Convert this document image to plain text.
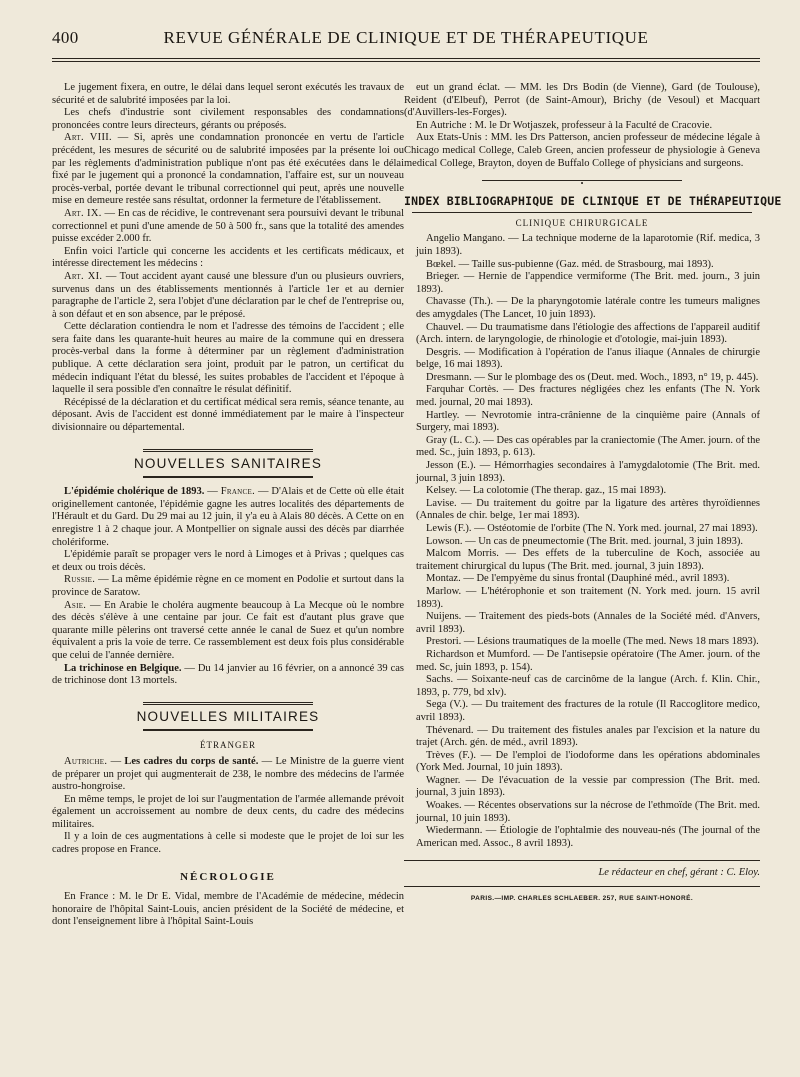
400	REVUE GÉNÉRALE DE CLINIQUE ET DE THÉRAPEUTIQUE

Le jugement fixera, en outre, le délai dans lequel seront exécutés les travaux de sécurité et de salubrité imposées par la loi.

Les chefs d'industrie sont civilement responsables des condamnations prononcées contre leurs directeurs, gérants ou préposés.

Art. VIII. — Si, après une condamnation prononcée en vertu de l'article précédent, les mesures de sécurité ou de salubrité imposées par la présente loi ou par les règlements d'administration publique n'ont pas été exécutées dans le délai fixé par le jugement qui a prononcé la condamnation, l'affaire est, sur un nouveau procès-verbal, portée devant le tribunal correctionnel qui peut, après une nouvelle mise en demeure restée sans résultat, ordonner la fermeture de l'établissement.

Art. IX. — En cas de récidive, le contrevenant sera poursuivi devant le tribunal correctionnel et puni d'une amende de 50 à 500 fr., sans que la totalité des amendes puisse excéder 2.000 fr.

Enfin voici l'article qui concerne les accidents et les certificats médicaux, et intéresse directement les médecins :

Art. XI. — Tout accident ayant causé une blessure d'un ou plusieurs ouvriers, survenus dans un des établissements mentionnés à l'article 1er et au dernier paragraphe de l'article 2, sera l'objet d'une déclaration par le chef de l'entreprise ou, à son défaut et en son absence, par le préposé.

Cette déclaration contiendra le nom et l'adresse des témoins de l'accident ; elle sera faite dans les quarante-huit heures au maire de la commune qui en dressera procès-verbal dans la forme à déterminer par un règlement d'administration publique. A cette déclaration sera joint, produit par le patron, un certificat du médecin indiquant l'état du blessé, les suites probables de l'accident et l'époque à laquelle il sera possible d'en connaître le résulat définitif.

Récépissé de la déclaration et du certificat médical sera remis, séance tenante, au déposant. Avis de l'accident est donné immédiatement par le maire à l'inspecteur divisionnaire ou départemental.

NOUVELLES SANITAIRES

L'épidémie cholérique de 1893. — France. — D'Alais et de Cette où elle était originellement cantonée, l'épidémie gagne les autres localités des départements de l'Hérault et du Gard. Du 29 mai au 12 juin, il y'a eu à Alais 80 décès. A Cette on en enregistre 1 à 2 chaque jour. A Montpellier on signale aussi des décès par diarrhée cholériforme.

L'épidémie paraît se propager vers le nord à Limoges et à Privas ; quelques cas et deux ou trois décès.

Russie. — La même épidémie règne en ce moment en Podolie et surtout dans la province de Saratow.

Asie. — En Arabie le choléra augmente beaucoup à La Mecque où le nombre des décès s'élève à une centaine par jour. Ce fait est d'autant plus grave que quarante mille pèlerins ont traversé cette année le canal de Suez et qu'un nombre équivalent a pris la voie de terre. Ce rassemblement est deux fois plus considérable que celui de l'année dernière.

La trichinose en Belgique. — Du 14 janvier au 16 février, on a annoncé 39 cas de trichinose dont 13 mortels.

NOUVELLES MILITAIRES
ÉTRANGER

Autriche. — Les cadres du corps de santé. — Le Ministre de la guerre vient de préparer un projet qui augmenterait de 238, le nombre des médecins de l'armée austro-hongroise.

En même temps, le projet de loi sur l'augmentation de l'armée allemande prévoit également un accroissement au nombre de deux cents, du cadre des médecins militaires.

Il y a loin de ces augmentations à celle si modeste que le projet de loi sur les cadres propose en France.

NÉCROLOGIE

En France : M. le Dr E. Vidal, membre de l'Académie de médecine, médecin honoraire de l'hôpital Saint-Louis, ancien président de la Société de médecine, et dont l'enseignement libre à l'hôpital Saint-Louis

eut un grand éclat. — MM. les Drs Bodin (de Vienne), Gard (de Toulouse), Reident (d'Elbeuf), Perrot (de Saint-Amour), Brichy (de Vesoul) et Macquart (d'Auvillers-les-Forges).

En Autriche : M. le Dr Wotjaszek, professeur à la Faculté de Cracovie.

Aux Etats-Unis : MM. les Drs Patterson, ancien professeur de médecine légale à Chicago medical College, Caleb Green, ancien professeur de physiologie à Geneva medical College, Brayton, doyen de Buffalo College of physicians and surgeons.

•
INDEX BIBLIOGRAPHIQUE DE CLINIQUE ET DE THÉRAPEUTIQUE
CLINIQUE CHIRURGICALE

Angelio Mangano. — La technique moderne de la laparotomie (Rif. medica, 3 juin 1893).

Bœkel. — Taille sus-pubienne (Gaz. méd. de Strasbourg, mai 1893).

Brieger. — Hernie de l'appendice vermiforme (The Brit. med. journ., 3 juin 1893).

Chavasse (Th.). — De la pharyngotomie latérale contre les tumeurs malignes des amygdales (The Lancet, 10 juin 1893).

Chauvel. — Du traumatisme dans l'étiologie des affections de l'appareil auditif (Arch. intern. de laryngologie, de rhinologie et d'otologie, mai-juin 1893).

Desgris. — Modification à l'opération de l'anus iliaque (Annales de chirurgie belge, 16 mai 1893).

Dresmann. — Sur le plombage des os (Deut. med. Woch., 1893, n° 19, p. 445).

Farquhar Cortès. — Des fractures négligées chez les enfants (The N. York med. journal, 20 mai 1893).

Hartley. — Nevrotomie intra-crânienne de la cinquième paire (Annals of Surgery, mai 1893).

Gray (L. C.). — Des cas opérables par la craniectomie (The Amer. journ. of the med. Sc., juin 1893, p. 613).

Jesson (E.). — Hémorrhagies secondaires à l'amygdalotomie (The Brit. med. journal, 3 juin 1893).

Kelsey. — La colotomie (The therap. gaz., 15 mai 1893).

Lavise. — Du traitement du goitre par la ligature des artères thyroïdiennes (Annales de chir. belge, 1er mai 1893).

Lewis (F.). — Ostéotomie de l'orbite (The N. York med. journal, 27 mai 1893).

Lowson. — Un cas de pneumectomie (The Brit. med. journal, 3 juin 1893).

Malcom Morris. — Des effets de la tuberculine de Koch, associée au traitement chirurgical du lupus (The Brit. med. journal, 3 juin 1893).

Montaz. — De l'empyème du sinus frontal (Dauphiné méd., avril 1893).

Marlow. — L'hétérophonie et son traitement (N. York med. journ. 15 avril 1893).

Nuijens. — Traitement des pieds-bots (Annales de la Société méd. d'Anvers, avril 1893).

Prestori. — Lésions traumatiques de la moelle (The med. News 18 mars 1893).

Richardson et Mumford. — De l'antisepsie opératoire (The Amer. journ. of the med. Sc, juin 1893, p. 154).

Sachs. — Soixante-neuf cas de carcinôme de la langue (Arch. f. Klin. Chir., 1893, p. 779, bd xlv).

Sega (V.). — Du traitement des fractures de la rotule (Il Raccoglitore medico, avril 1893).

Thévenard. — Du traitement des fistules anales par l'excision et la nature du trajet (Arch. gén. de méd., avril 1893).

Trèves (F.). — De l'emploi de l'iodoforme dans les opérations abdominales (York Med. Journal, 10 juin 1893).

Wagner. — De l'évacuation de la vessie par compression (The Brit. med. journal, 3 juin 1893).

Woakes. — Récentes observations sur la nécrose de l'ethmoïde (The Brit. med. journal, 10 juin 1893).

Wiedermann. — Étiologie de l'ophtalmie des nouveau-nés (The journal of the American med. Assoc., 8 avril 1893).

Le rédacteur en chef, gérant : C. Eloy.
PARIS.—IMP. CHARLES SCHLAEBER. 257, RUE SAINT-HONORÉ.
